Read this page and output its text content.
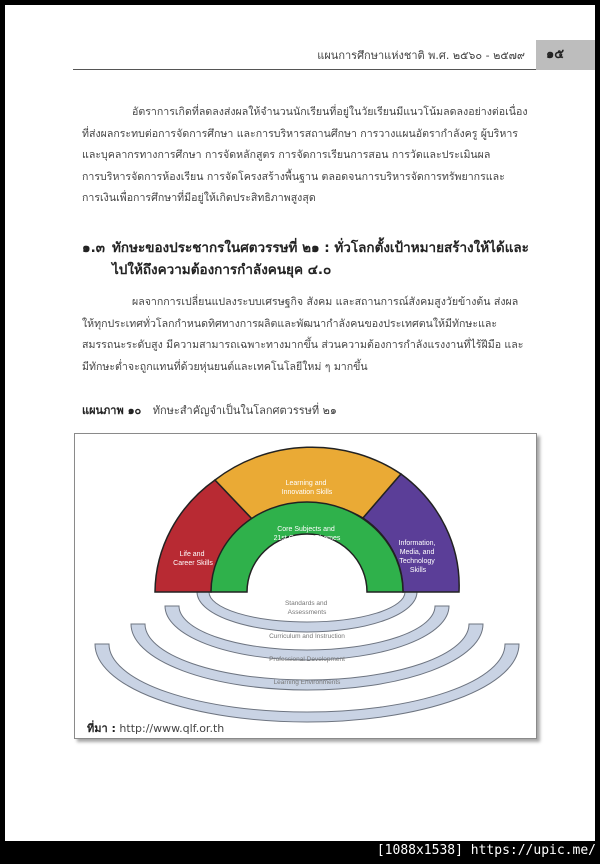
แผนการศึกษาแห่งชาติ พ.ศ. ๒๕๖๐ - ๒๕๗๙	๑๕
อัตราการเกิดที่ลดลงส่งผลให้จำนวนนักเรียนที่อยู่ในวัยเรียนมีแนวโน้มลดลงอย่างต่อเนื่อง
ที่ส่งผลกระทบต่อการจัดการศึกษา และการบริหารสถานศึกษา การวางแผนอัตรากำลังครู ผู้บริหาร
และบุคลากรทางการศึกษา การจัดหลักสูตร การจัดการเรียนการสอน การวัดและประเมินผล
การบริหารจัดการห้องเรียน การจัดโครงสร้างพื้นฐาน ตลอดจนการบริหารจัดการทรัพยากรและ
การเงินเพื่อการศึกษาที่มีอยู่ให้เกิดประสิทธิภาพสูงสุด
๑.๓ ทักษะของประชากรในศตวรรษที่ ๒๑ : ทั่วโลกตั้งเป้าหมายสร้างให้ได้และ
ไปให้ถึงความต้องการกำลังคนยุค ๔.๐
ผลจากการเปลี่ยนแปลงระบบเศรษฐกิจ สังคม และสถานการณ์สังคมสูงวัยข้างต้น ส่งผล
ให้ทุกประเทศทั่วโลกกำหนดทิศทางการผลิตและพัฒนากำลังคนของประเทศตนให้มีทักษะและ
สมรรถนะระดับสูง มีความสามารถเฉพาะทางมากขึ้น ส่วนความต้องการกำลังแรงงานที่ไร้ฝีมือ และ
มีทักษะต่ำจะถูกแทนที่ด้วยหุ่นยนต์และเทคโนโลยีใหม่ ๆ มากขึ้น
แผนภาพ ๑๐ ทักษะสำคัญจำเป็นในโลกศตวรรษที่ ๒๑
Learning and Innovation Skills
Life and Career Skills
Information, Media, and Technology Skills
Core Subjects and 21st Century Themes
Standards and Assessments
Curriculum and Instruction
Professional Development
Learning Environments
ที่มา : http://www.qlf.or.th
[1088x1538] https://upic.me/
